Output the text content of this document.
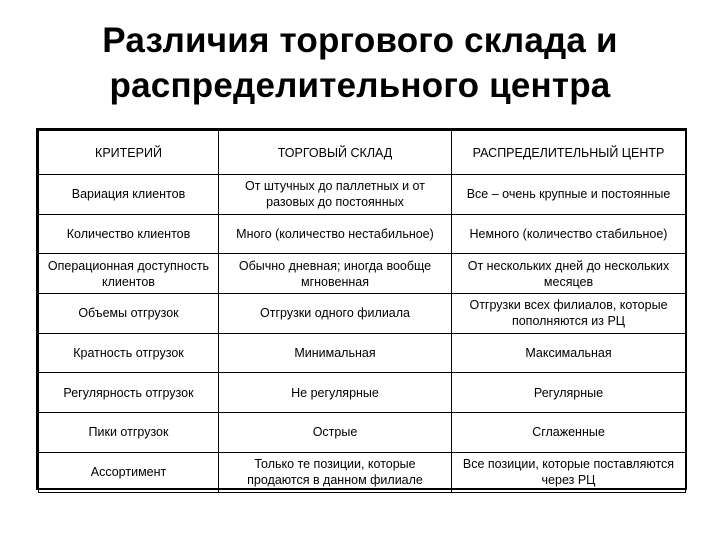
Различия торгового склада и
распределительного центра
КРИТЕРИЙ	ТОРГОВЫЙ СКЛАД	РАСПРЕДЕЛИТЕЛЬНЫЙ ЦЕНТР
Вариация клиентов	От штучных до паллетных и от разовых до постоянных	Все – очень крупные и постоянные
Количество клиентов	Много (количество нестабильное)	Немного (количество стабильное)
Операционная доступность клиентов	Обычно дневная; иногда вообще мгновенная	От нескольких дней до нескольких месяцев
Объемы отгрузок	Отгрузки одного филиала	Отгрузки всех филиалов, которые пополняются из РЦ
Кратность отгрузок	Минимальная	Максимальная
Регулярность отгрузок	Не регулярные	Регулярные
Пики отгрузок	Острые	Сглаженные
Ассортимент	Только те позиции, которые продаются в данном филиале	Все позиции, которые поставляются через РЦ
